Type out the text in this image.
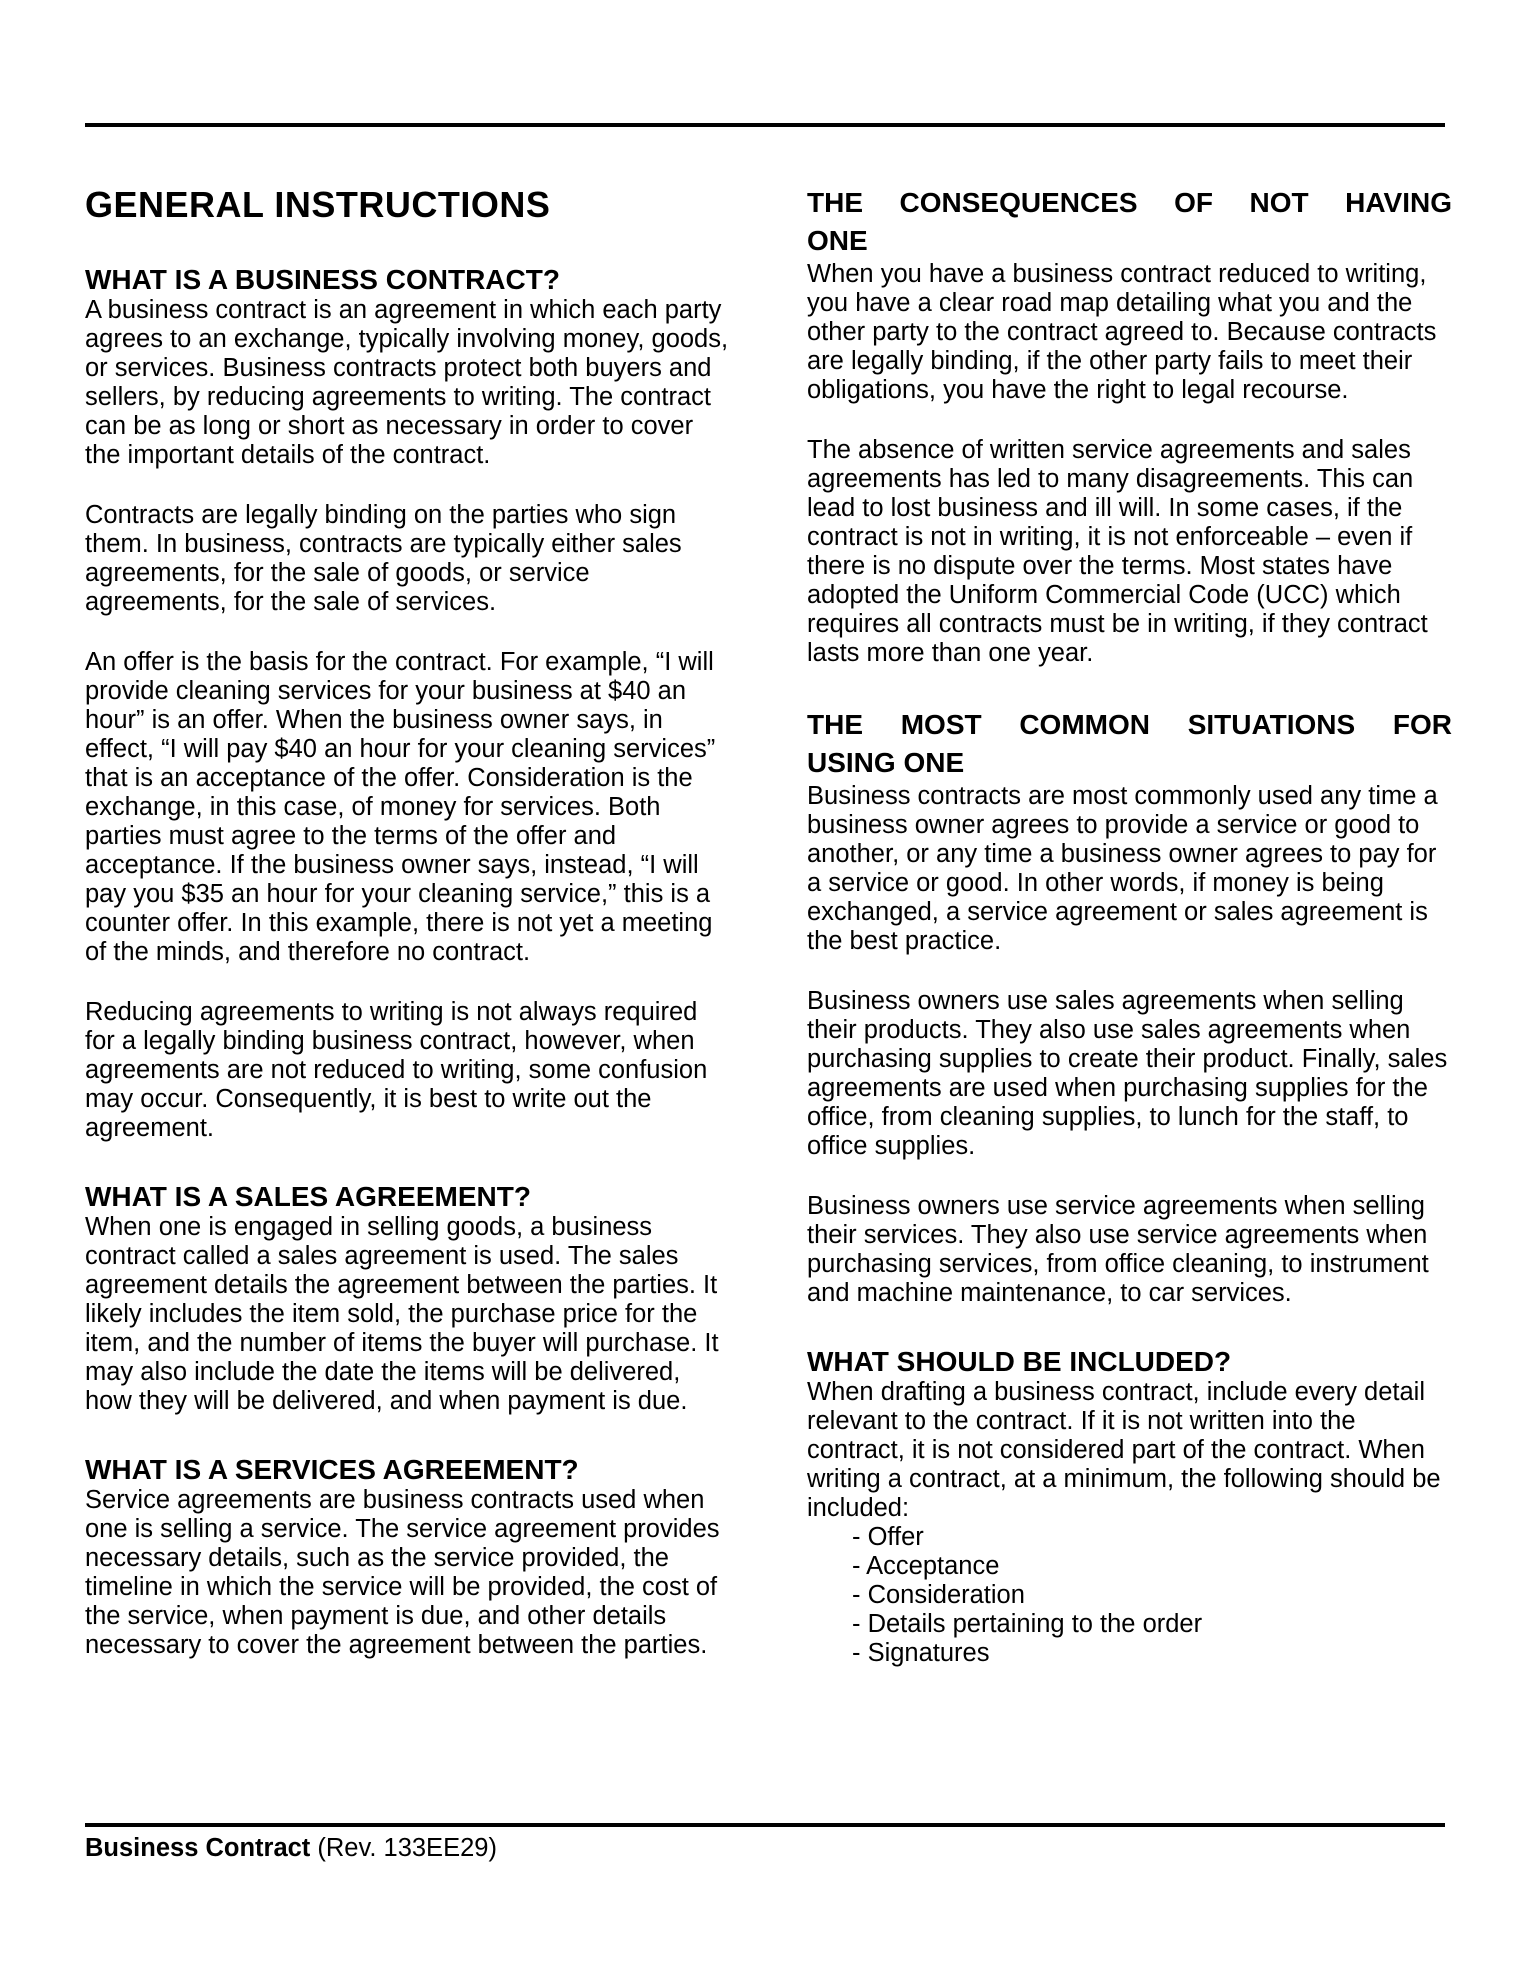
GENERAL INSTRUCTIONS
WHAT IS A BUSINESS CONTRACT?

A business contract is an agreement in which each party agrees to an exchange, typically involving money, goods, or services. Business contracts protect both buyers and sellers, by reducing agreements to writing. The contract can be as long or short as necessary in order to cover the important details of the contract.

Contracts are legally binding on the parties who sign them. In business, contracts are typically either sales agreements, for the sale of goods, or service agreements, for the sale of services.

An offer is the basis for the contract. For example, “I will provide cleaning services for your business at $40 an hour” is an offer. When the business owner says, in effect, “I will pay $40 an hour for your cleaning services” that is an acceptance of the offer. Consideration is the exchange, in this case, of money for services. Both parties must agree to the terms of the offer and acceptance. If the business owner says, instead, “I will pay you $35 an hour for your cleaning service,” this is a counter offer. In this example, there is not yet a meeting of the minds, and therefore no contract.

Reducing agreements to writing is not always required for a legally binding business contract, however, when agreements are not reduced to writing, some confusion may occur. Consequently, it is best to write out the agreement.

WHAT IS A SALES AGREEMENT?

When one is engaged in selling goods, a business contract called a sales agreement is used. The sales agreement details the agreement between the parties. It likely includes the item sold, the purchase price for the item, and the number of items the buyer will purchase. It may also include the date the items will be delivered, how they will be delivered, and when payment is due.

WHAT IS A SERVICES AGREEMENT?

Service agreements are business contracts used when one is selling a service. The service agreement provides necessary details, such as the service provided, the timeline in which the service will be provided, the cost of the service, when payment is due, and other details necessary to cover the agreement between the parties.

THE CONSEQUENCES OF NOT HAVING
ONE

When you have a business contract reduced to writing, you have a clear road map detailing what you and the other party to the contract agreed to. Because contracts are legally binding, if the other party fails to meet their obligations, you have the right to legal recourse.

The absence of written service agreements and sales agreements has led to many disagreements. This can lead to lost business and ill will. In some cases, if the contract is not in writing, it is not enforceable – even if there is no dispute over the terms. Most states have adopted the Uniform Commercial Code (UCC) which requires all contracts must be in writing, if they contract lasts more than one year.

THE MOST COMMON SITUATIONS FOR
USING ONE

Business contracts are most commonly used any time a business owner agrees to provide a service or good to another, or any time a business owner agrees to pay for a service or good. In other words, if money is being exchanged, a service agreement or sales agreement is the best practice.

Business owners use sales agreements when selling their products. They also use sales agreements when purchasing supplies to create their product. Finally, sales agreements are used when purchasing supplies for the office, from cleaning supplies, to lunch for the staff, to office supplies.

Business owners use service agreements when selling their services. They also use service agreements when purchasing services, from office cleaning, to instrument and machine maintenance, to car services.

WHAT SHOULD BE INCLUDED?

When drafting a business contract, include every detail relevant to the contract. If it is not written into the contract, it is not considered part of the contract. When writing a contract, at a minimum, the following should be included:

- Offer
- Acceptance
- Consideration
- Details pertaining to the order
- Signatures
Business Contract (Rev. 133EE29)
